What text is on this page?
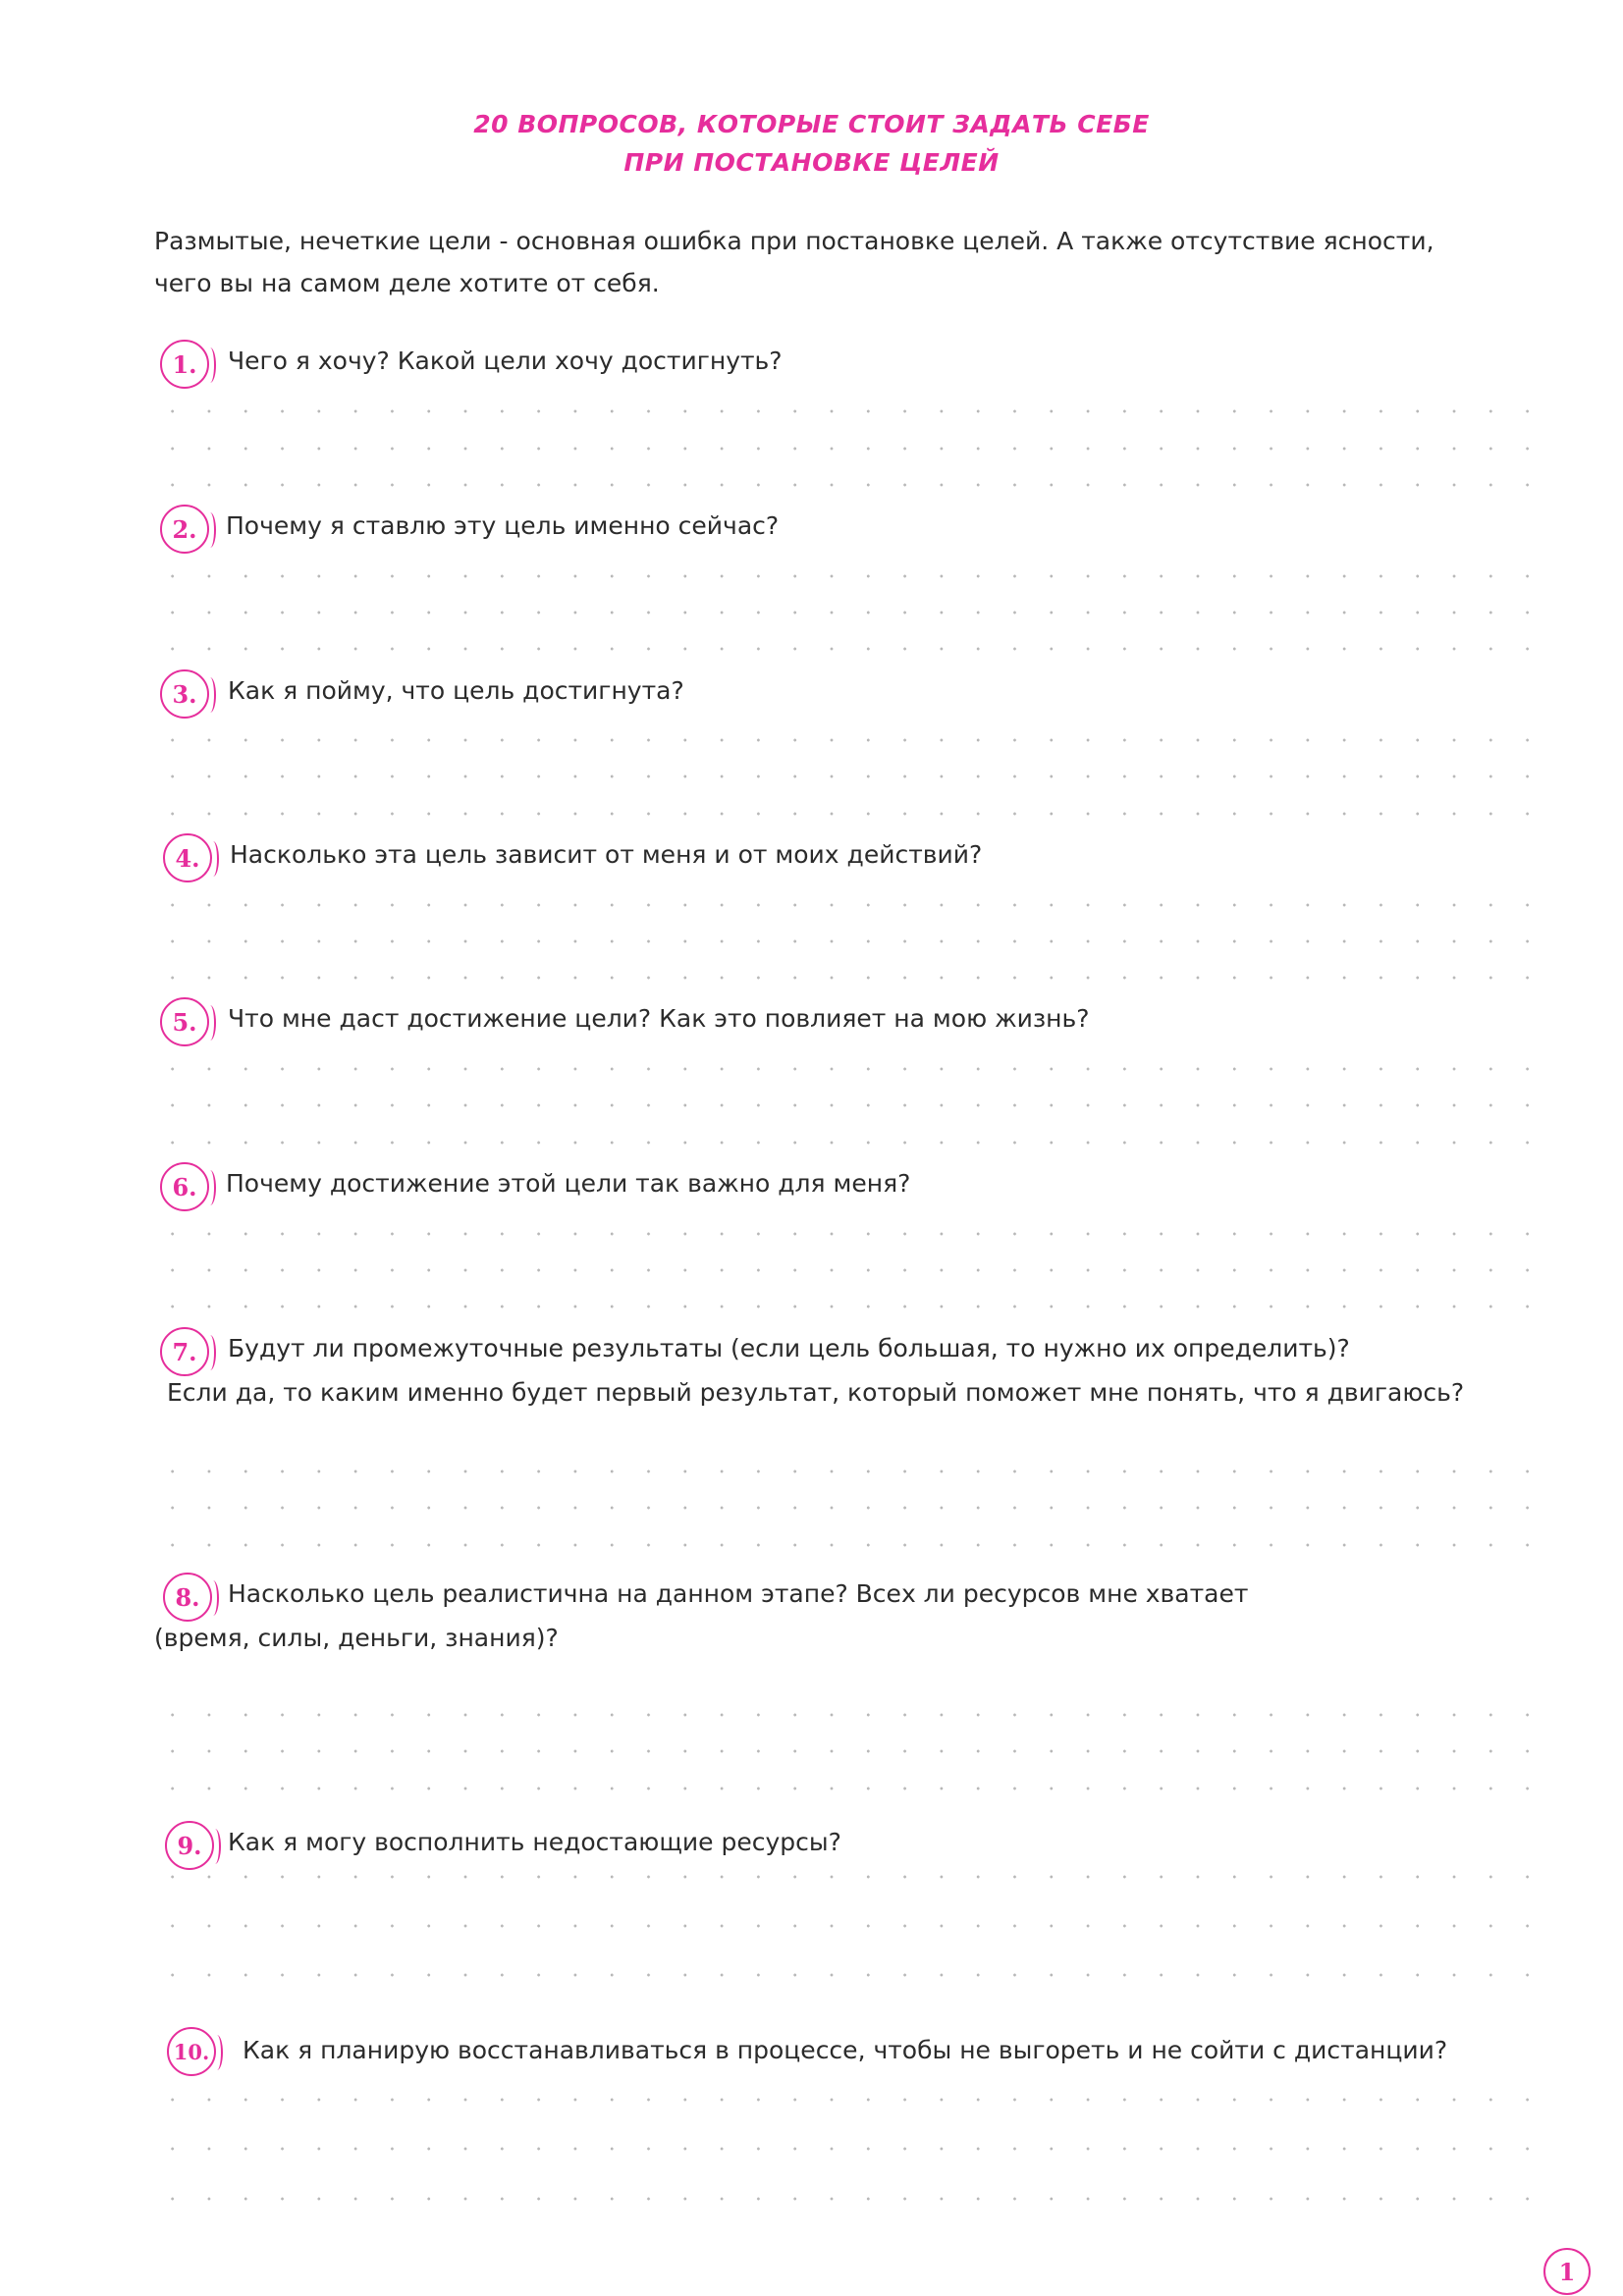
20 ВОПРОСОВ, КОТОРЫЕ СТОИТ ЗАДАТЬ СЕБЕ
ПРИ ПОСТАНОВКЕ ЦЕЛЕЙ
Размытые, нечеткие цели - основная ошибка при постановке целей. А также отсутствие ясности,
чего вы на самом деле хотите от себя.
1.	Чего я хочу? Какой цели хочу достигнуть?
2.	Почему я ставлю эту цель именно сейчас?
3.	Как я пойму, что цель достигнута?
4.	Насколько эта цель зависит от меня и от моих действий?
5.	Что мне даст достижение цели? Как это повлияет на мою жизнь?
6.	Почему достижение этой цели так важно для меня?
7.	Будут ли промежуточные результаты (если цель большая, то нужно их определить)?
Если да, то каким именно будет первый результат, который поможет мне понять, что я двигаюсь?
8.	Насколько цель реалистична на данном этапе? Всех ли ресурсов мне хватает
(время, силы, деньги, знания)?
9.	Как я могу восполнить недостающие ресурсы?
10. Как я планирую восстанавливаться в процессе, чтобы не выгореть и не сойти с дистанции?
1
